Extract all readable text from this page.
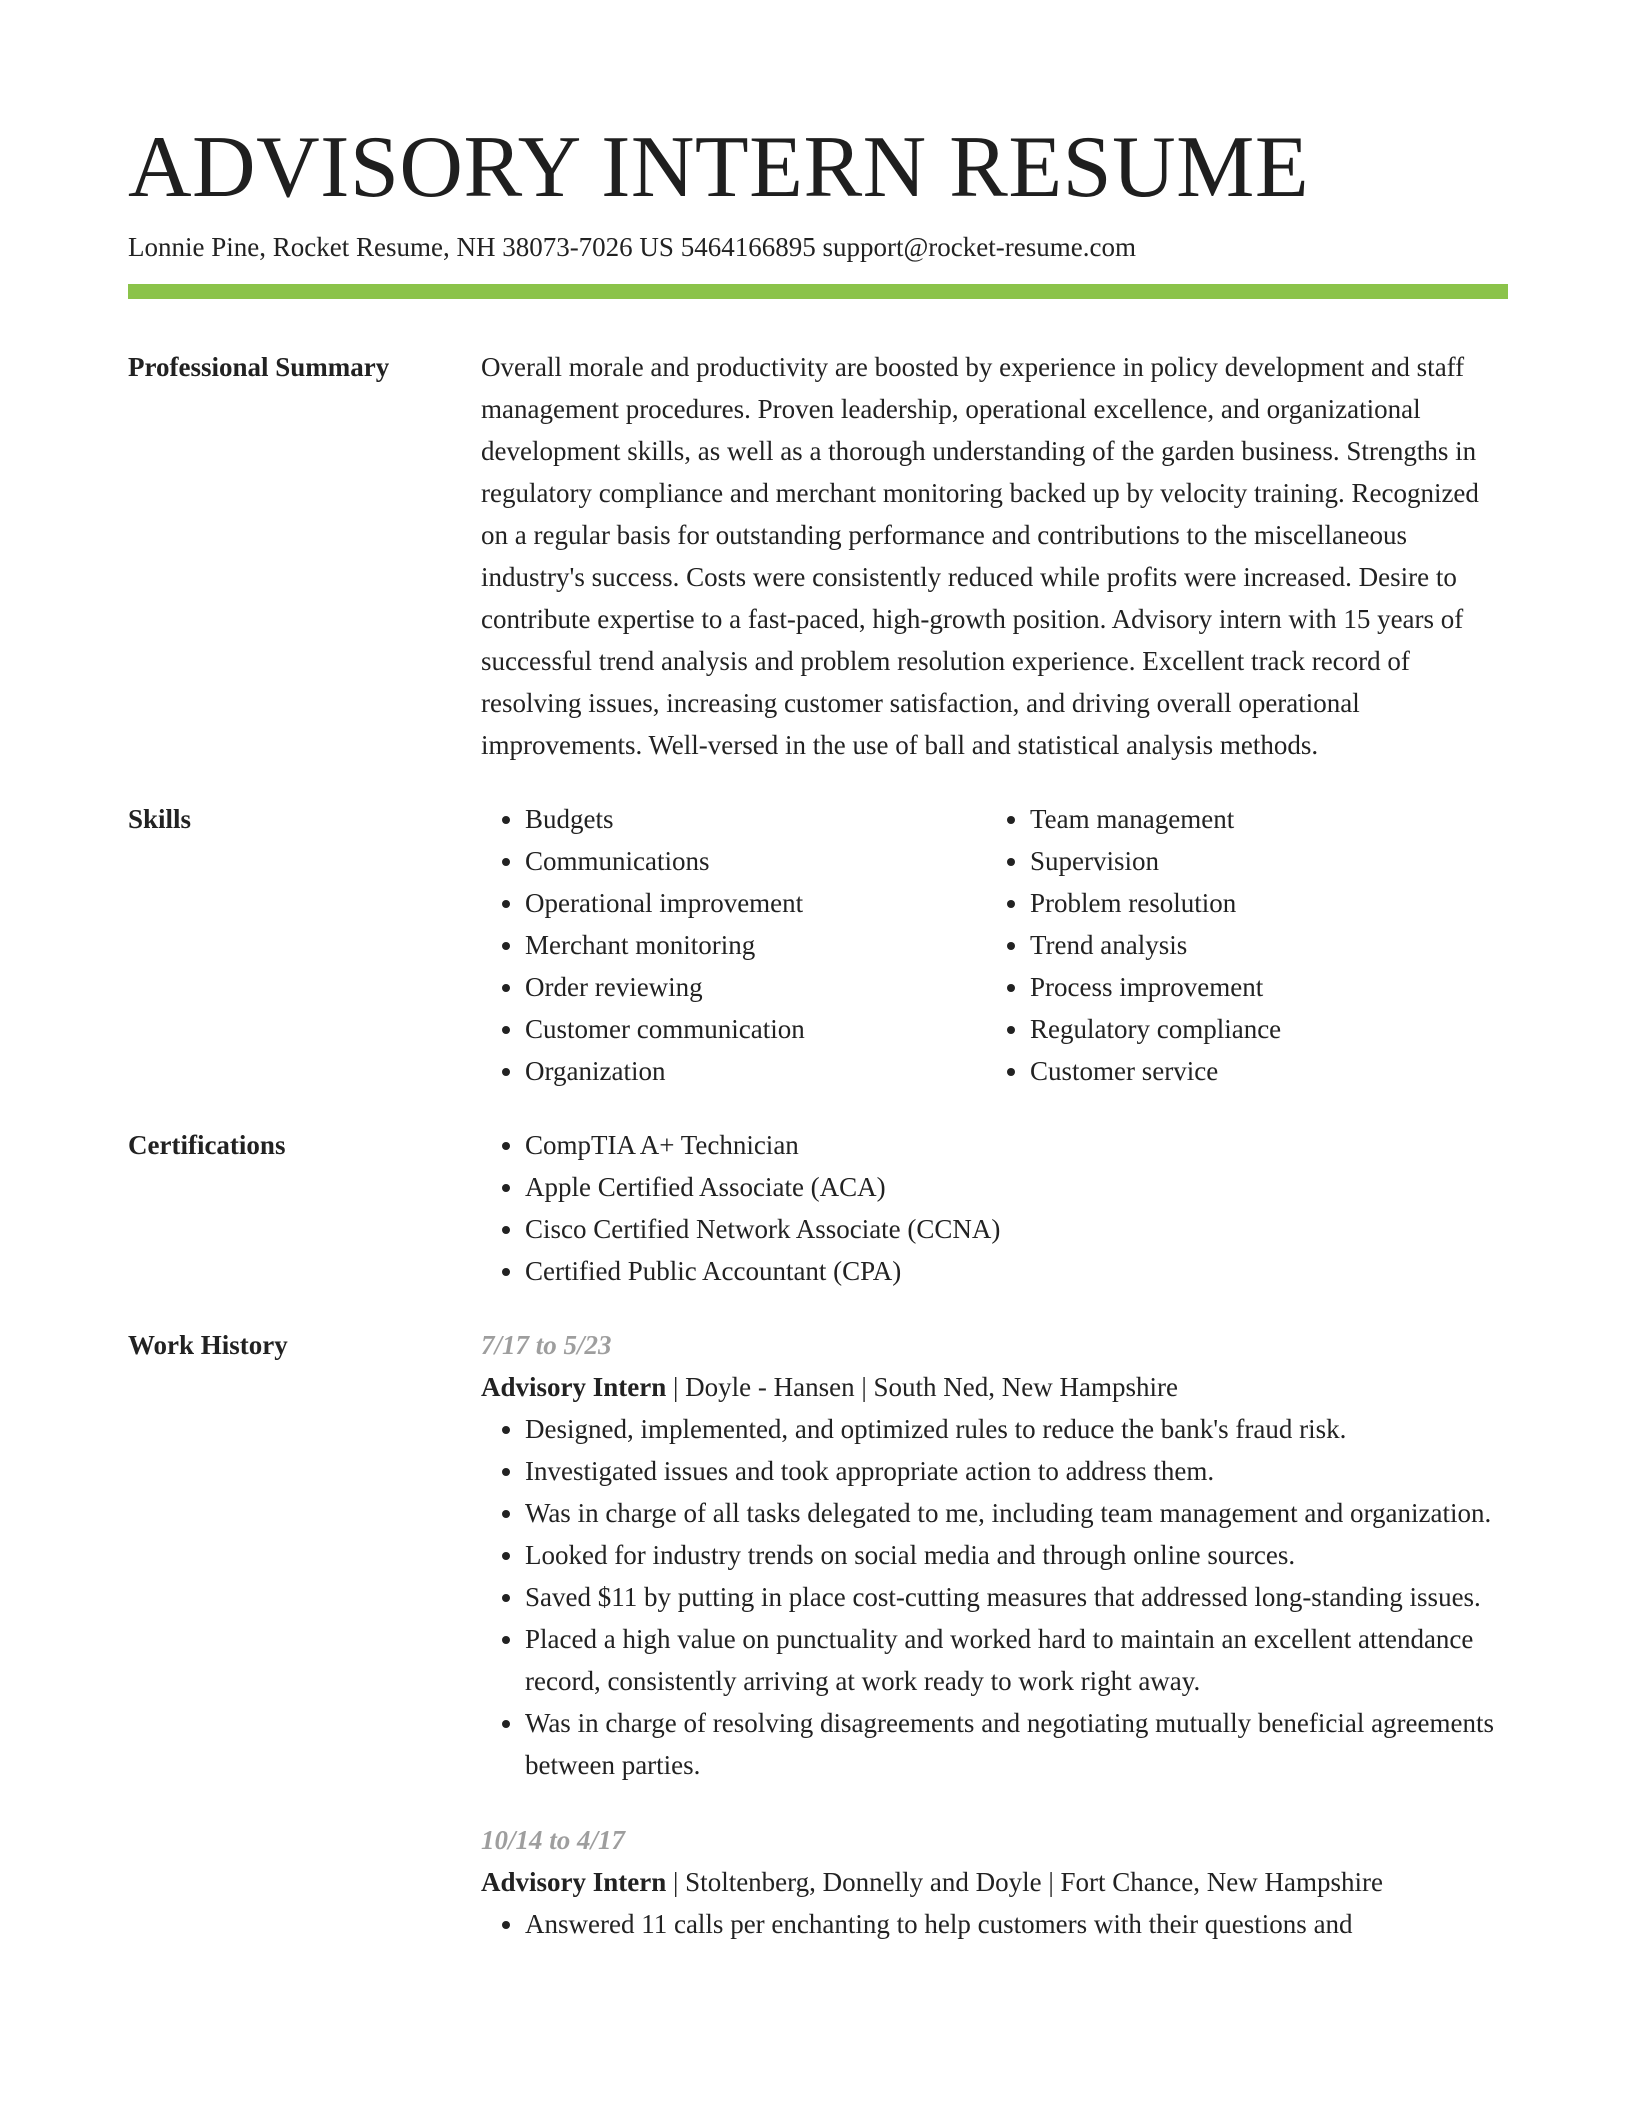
ADVISORY INTERN RESUME
Lonnie Pine, Rocket Resume, NH 38073-7026 US 5464166895 support@rocket-resume.com
Professional Summary	Overall morale and productivity are boosted by experience in policy development and staff management procedures. Proven leadership, operational excellence, and organizational development skills, as well as a thorough understanding of the garden business. Strengths in regulatory compliance and merchant monitoring backed up by velocity training. Recognized on a regular basis for outstanding performance and contributions to the miscellaneous industry's success. Costs were consistently reduced while profits were increased. Desire to contribute expertise to a fast-paced, high-growth position. Advisory intern with 15 years of successful trend analysis and problem resolution experience. Excellent track record of resolving issues, increasing customer satisfaction, and driving overall operational improvements. Well-versed in the use of ball and statistical analysis methods.

Skills	• Budgets
• Communications
• Operational improvement
• Merchant monitoring
• Order reviewing
• Customer communication
• Organization
• Team management
• Supervision
• Problem resolution
• Trend analysis
• Process improvement
• Regulatory compliance
• Customer service
Certifications	• CompTIA A+ Technician
• Apple Certified Associate (ACA)
• Cisco Certified Network Associate (CCNA)
• Certified Public Accountant (CPA)
Work History	7/17 to 5/23
Advisory Intern | Doyle - Hansen | South Ned, New Hampshire
• Designed, implemented, and optimized rules to reduce the bank's fraud risk.
• Investigated issues and took appropriate action to address them.
• Was in charge of all tasks delegated to me, including team management and organization.
• Looked for industry trends on social media and through online sources.
• Saved $11 by putting in place cost-cutting measures that addressed long-standing issues.
• Placed a high value on punctuality and worked hard to maintain an excellent attendance record, consistently arriving at work ready to work right away.
• Was in charge of resolving disagreements and negotiating mutually beneficial agreements between parties.
10/14 to 4/17
Advisory Intern | Stoltenberg, Donnelly and Doyle | Fort Chance, New Hampshire
• Answered 11 calls per enchanting to help customers with their questions and
